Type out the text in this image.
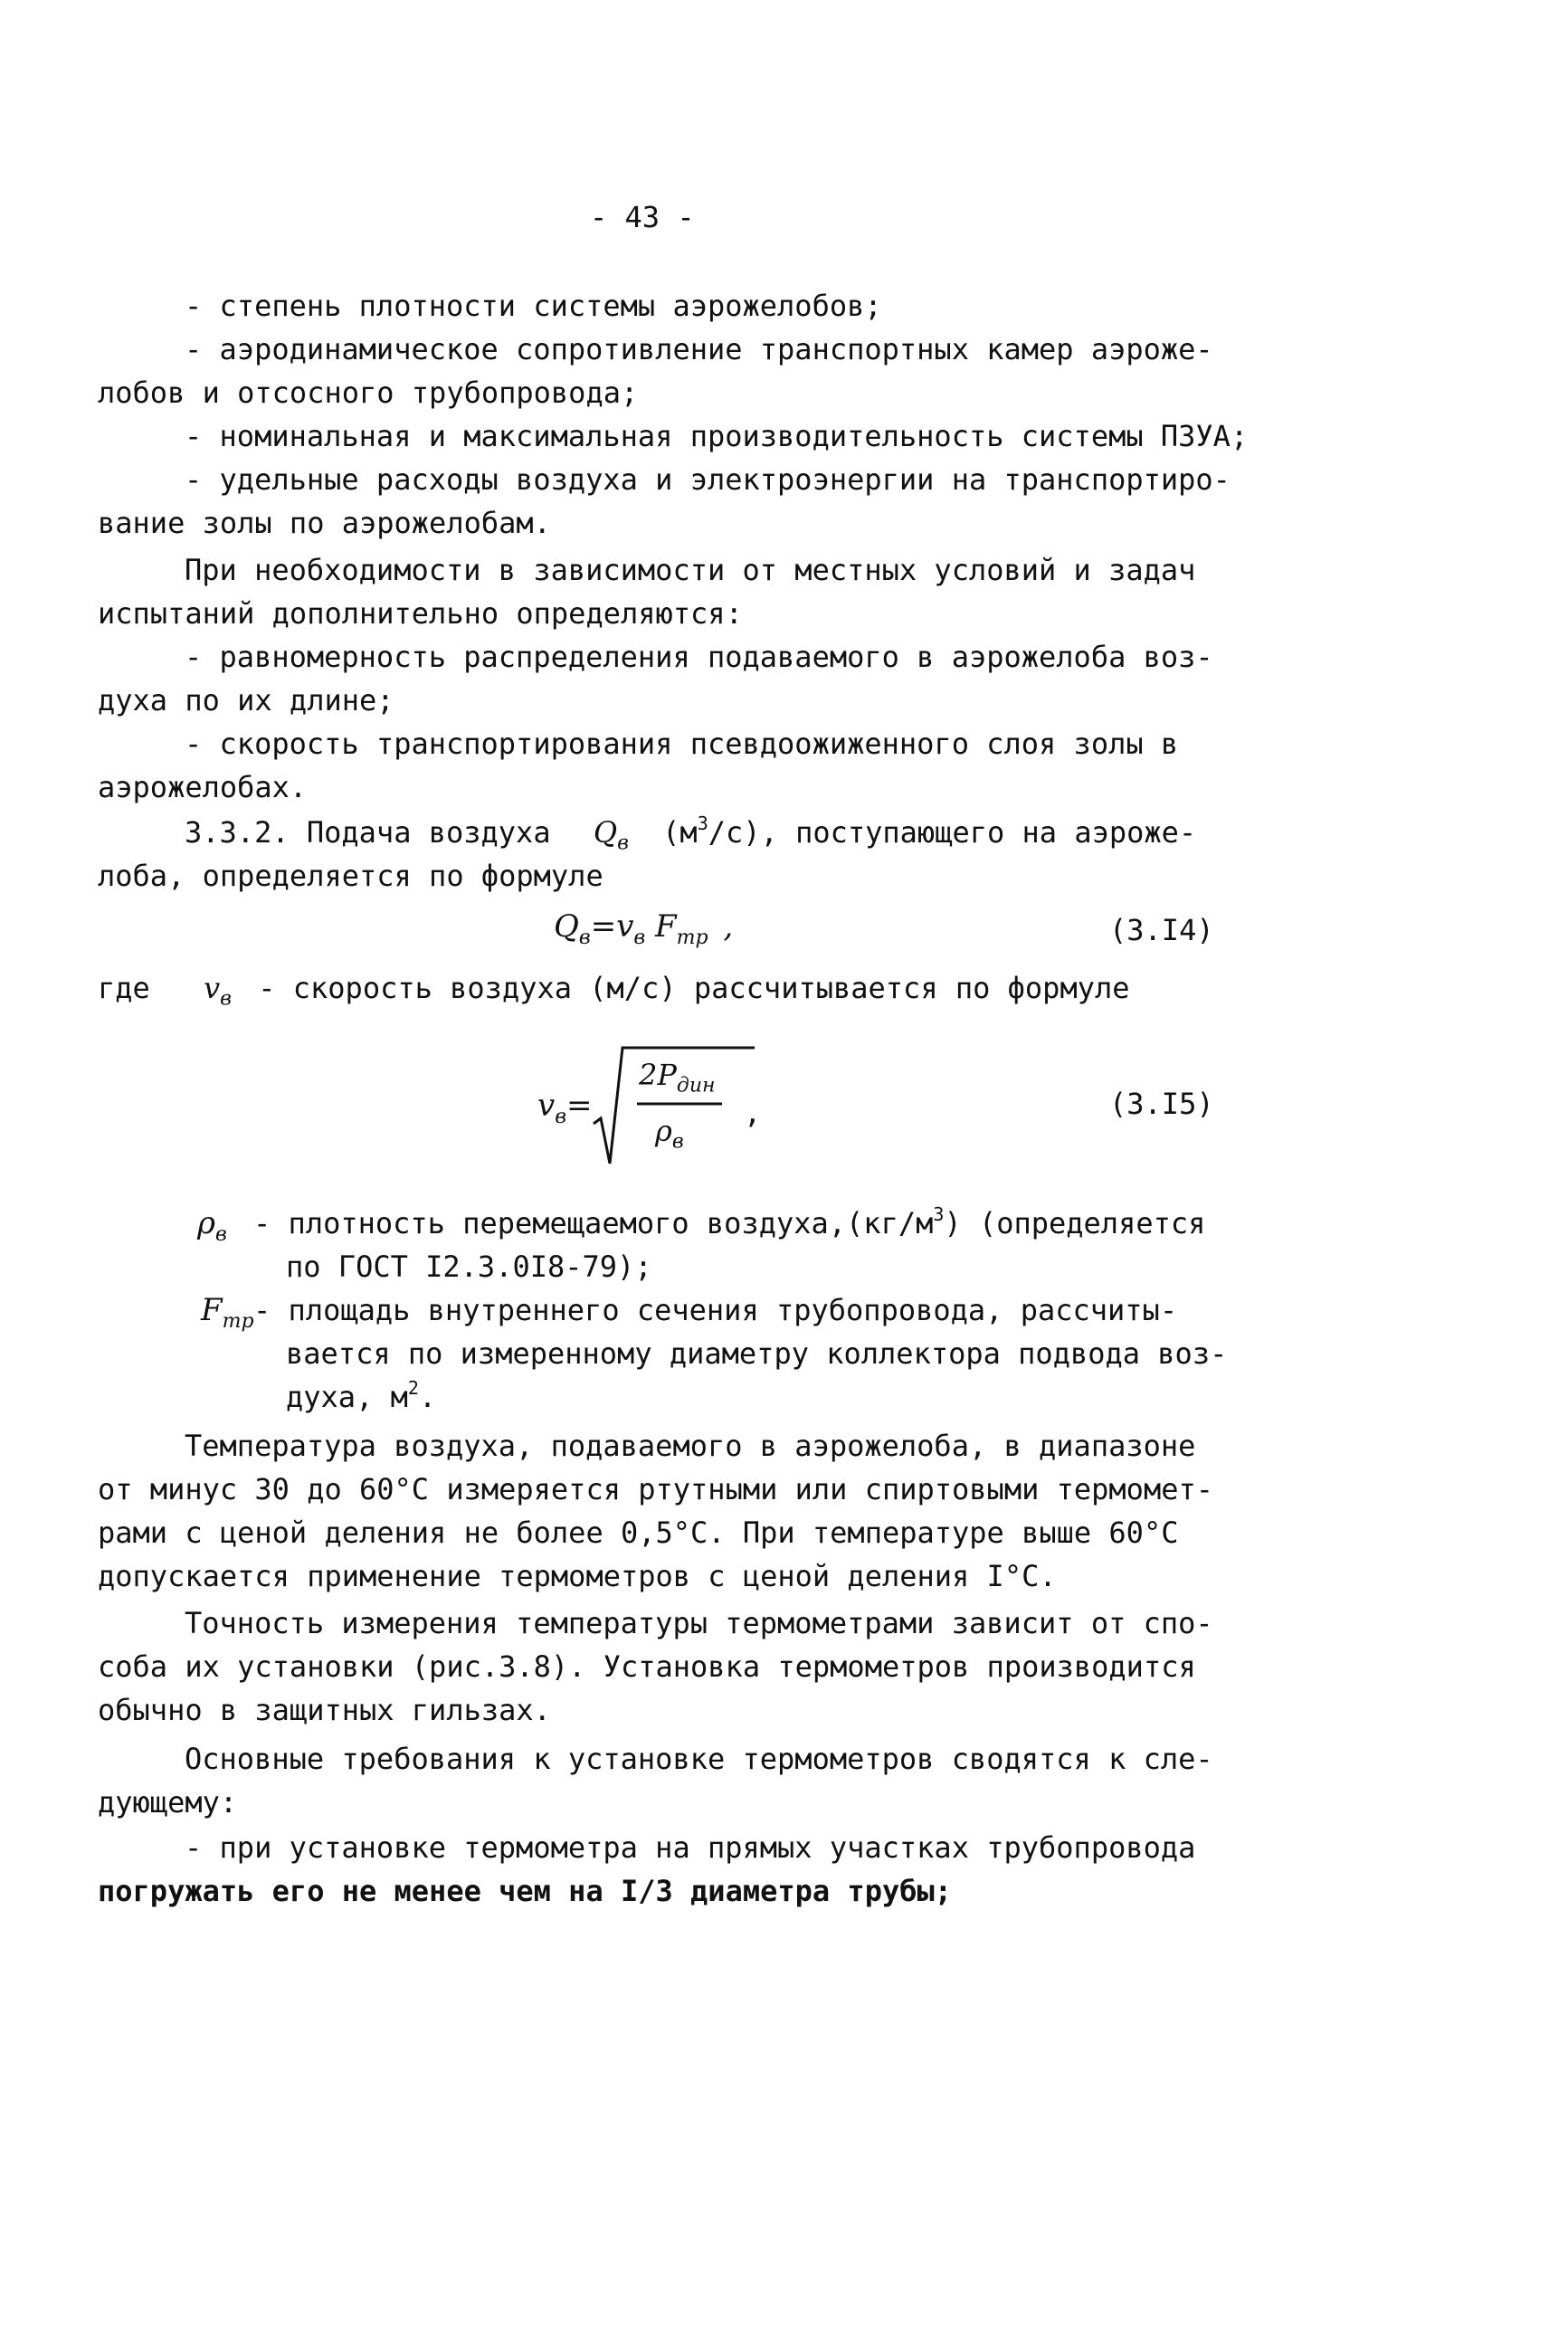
- 43 -
- степень плотности системы аэрожелобов;
- аэродинамическое сопротивление транспортных камер аэроже-
лобов и отсосного трубопровода;
- номинальная и максимальная производительность системы ПЗУА;
- удельные расходы воздуха и электроэнергии на транспортиро-
вание золы по аэрожелобам.
При необходимости в зависимости от местных условий и задач
испытаний дополнительно определяются:
- равномерность распределения подаваемого в аэрожелоба воз-
духа по их длине;
- скорость транспортирования псевдоожиженного слоя золы в
аэрожелобах.
3.3.2. Подача воздуха $Q_в$ $(м^3/с)$, поступающего на аэроже-
лоба, определяется по формуле
$Q_в=v_в$ $F_{тр}$ ,	(3.I4)
где $v_в$ - скорость воздуха (м/с) рассчитывается по формуле
$v_в=$
$2P_{дин}$
$\rho_в$
,	(3.I5)
$\rho_в$ - плотность перемещаемого $воздуха,(кг/м^3)$ (определяется
по ГОСТ I2.3.0I8-79);
$F_{тр}$ - площадь внутреннего сечения трубопровода, рассчиты-
вается по измеренному диаметру коллектора подвода воз-
духа, $м^2$.
Температура воздуха, подаваемого в аэрожелоба, в диапазоне
от минус 30 до 60°С измеряется ртутными или спиртовыми термомет-
рами с ценой деления не более 0,5°С. При температуре выше 60°С
допускается применение термометров с ценой деления I°С.
Точность измерения температуры термометрами зависит от спо-
соба их установки (рис.3.8). Установка термометров производится
обычно в защитных гильзах.
Основные требования к установке термометров сводятся к сле-
дующему:
- при установке термометра на прямых участках трубопровода
погружать его не менее чем на I/3 диаметра трубы;
